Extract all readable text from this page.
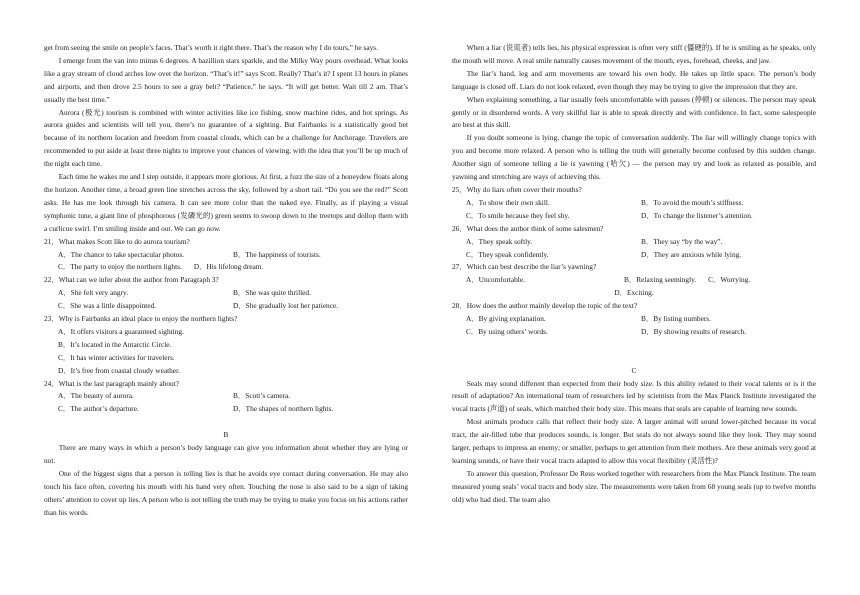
get from seeing the smile on people’s faces. That’s worth it right there. That’s the reason why I do tours,” he says.

I emerge from the van into minus 6 degrees. A bazillion stars sparkle, and the Milky Way pours overhead. What looks like a gray stream of cloud arches low over the horizon. “That’s it!” says Scott. Really? That’s it? I spent 13 hours in planes and airports, and then drove 2.5 hours to see a gray belt? “Patience,” he says. “It will get better. Wait till 2 am. That’s usually the best time.”

Aurora (极光) tourism is combined with winter activities like ice fishing, snow machine rides, and hot springs. As aurora guides and scientists will tell you, there’s no guarantee of a sighting. But Fairbanks is a statistically good bet because of its northern location and freedom from coastal clouds, which can be a challenge for Anchorage. Travelers are recommended to put aside at least three nights to improve your chances of viewing, with the idea that you’ll be up much of the night each time.

Each time he wakes me and I step outside, it appears more glorious. At first, a fuzz the size of a honeydew floats along the horizon. Another time, a broad green line stretches across the sky, followed by a short tail. “Do you see the red?” Scott asks. He has me look through his camera. It can see more color than the naked eye. Finally, as if playing a visual symphonic tune, a giant line of phosphorous (发磷光的) green seems to swoop down to the treetops and dollop them with a curlicue swirl. I’m smiling inside and out. We can go now.

21．What makes Scott like to do aurora tourism?

A．The chance to take spectacular photos.	B．The happiness of tourists.
C．The party to enjoy the northern lights. D．His lifelong dream.

22．What can we infer about the author from Paragraph 3?

A．She felt very angry.	B．She was quite thrilled.
C．She was a little disappointed.	D．She gradually lost her patience.

23．Why is Fairbanks an ideal place to enjoy the northern lights?

A．It offers visitors a guaranteed sighting.

B．It’s located in the Antarctic Circle.

C．It has winter activities for travelers.

D．It’s free from coastal cloudy weather.

24．What is the last paragraph mainly about?

A．The beauty of aurora.	B．Scott’s camera.
C．The author’s departure.	D．The shapes of northern lights.

B

There are many ways in which a person’s body language can give you information about whether they are lying or not.

One of the biggest signs that a person is telling lies is that he avoids eye contact during conversation. He may also touch his face often, covering his mouth with his hand very often. Touching the nose is also said to be a sign of taking others’ attention to cover up lies. A person who is not telling the truth may be trying to make you focus on his actions rather than his words.

When a liar (说谎者) tells lies, his physical expression is often very stiff (僵硬的). If he is smiling as he speaks, only the mouth will move. A real smile naturally causes movement of the mouth, eyes, forehead, cheeks, and jaw.

The liar’s hand, leg and arm movements are toward his own body. He takes up little space. The person’s body language is closed off. Liars do not look relaxed, even though they may be trying to give the impression that they are.

When explaining something, a liar usually feels uncomfortable with pauses (停顿) or silences. The person may speak gently or in disordered words. A very skillful liar is able to speak directly and with confidence. In fact, some salespeople are best at this skill.

If you doubt someone is lying, change the topic of conversation suddenly. The liar will willingly change topics with you and become more relaxed. A person who is telling the truth will generally become confused by this sudden change. Another sign of someone telling a lie is yawning (哈欠) — the person may try and look as relaxed as possible, and yawning and stretching are ways of achieving this.

25．Why do liars often cover their mouths?

A．To show their own skill.	B．To avoid the mouth’s stiffness.
C．To smile because they feel shy.	D．To change the listener’s attention.

26．What does the author think of some salesmen?

A．They speak softly.	B．They say “by the way”.
C．They speak confidently.	D．They are anxious while lying.

27．Which can best describe the liar’s yawning?

A．Uncomfortable.	B．Relaxing seemingly. C．Worrying.

D．Exciting.

28．How does the author mainly develop the topic of the text?

A．By giving explanation.	B．By listing numbers.
C．By using others’ words.	D．By showing results of research.

C

Seals may sound different than expected from their body size. Is this ability related to their vocal talents or is it the result of adaptation? An international team of researchers led by scientists from the Max Planck Institute investigated the vocal tracts (声道) of seals, which matched their body size. This means that seals are capable of learning new sounds.

Most animals produce calls that reflect their body size. A larger animal will sound lower-pitched because its vocal tract, the air-filled tube that produces sounds, is longer. But seals do not always sound like they look. They may sound larger, perhaps to impress an enemy; or smaller, perhaps to get attention from their mothers. Are these animals very good at learning sounds, or have their vocal tracts adapted to allow this vocal flexibility (灵活性)?

To answer this question, Professor De Reus worked together with researchers from the Max Planck Institute. The team measured young seals’ vocal tracts and body size. The measurements were taken from 68 young seals (up to twelve months old) who had died. The team also
